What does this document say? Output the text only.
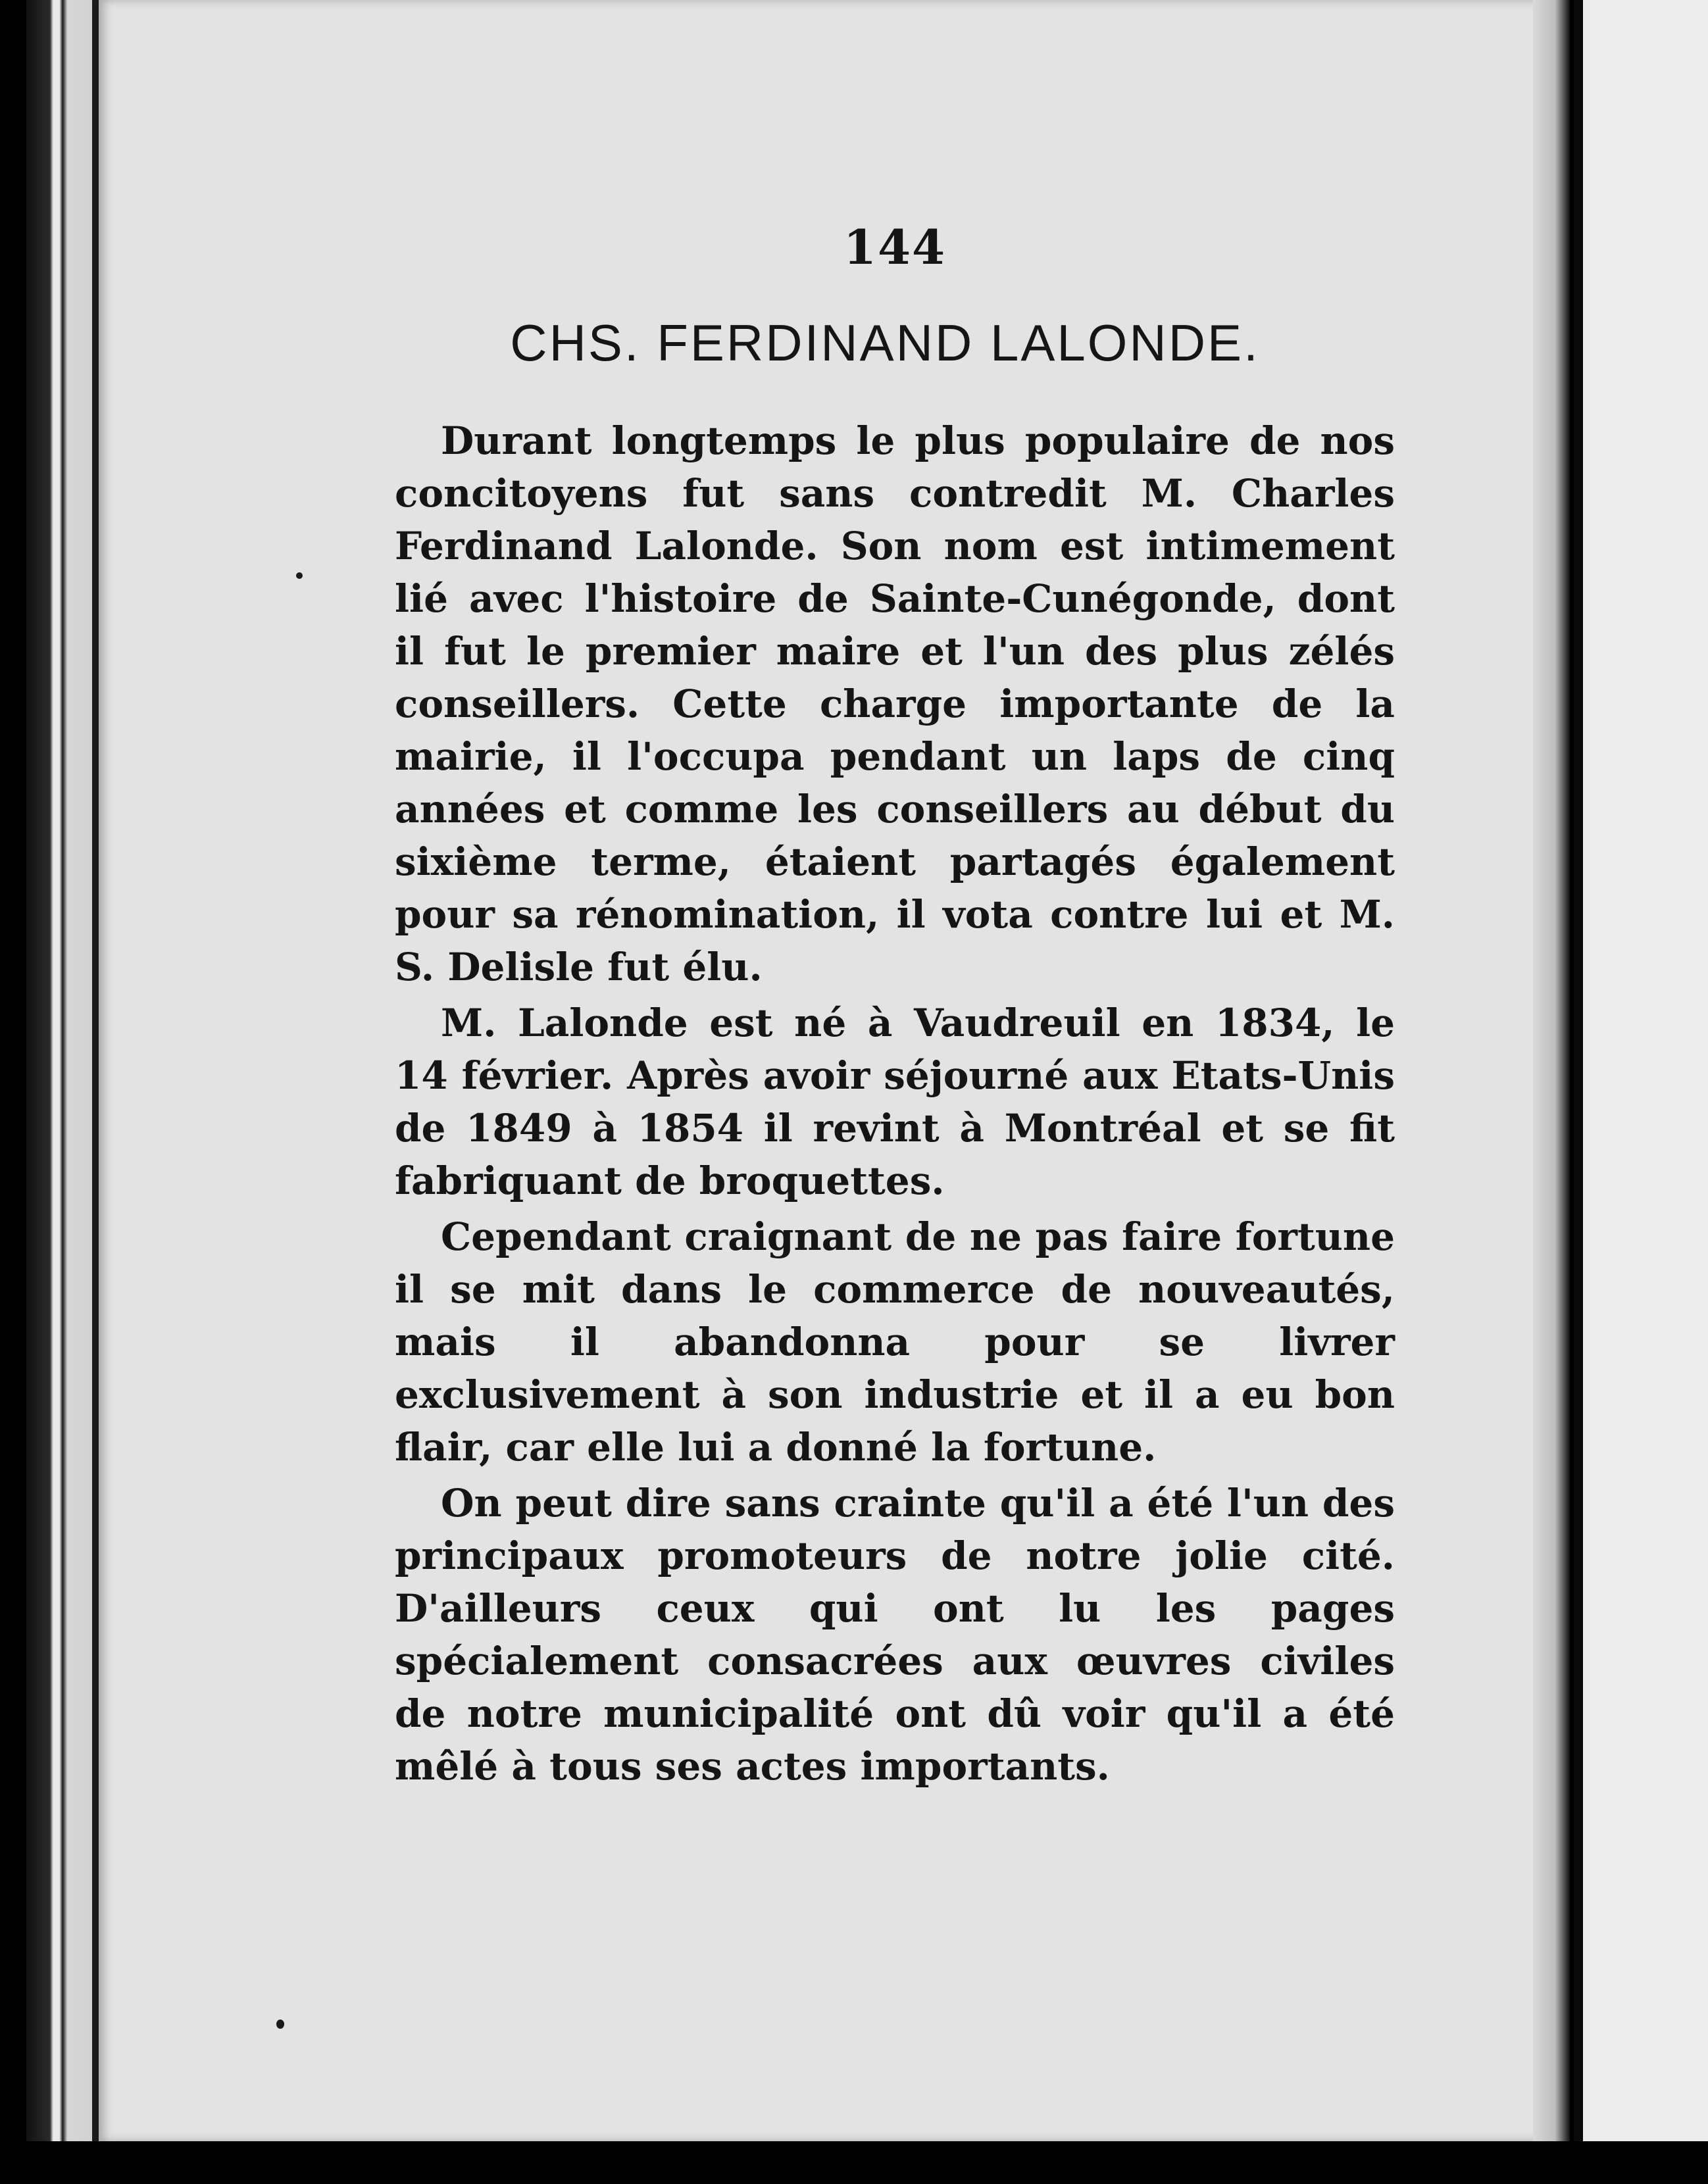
144
CHS. FERDINAND LALONDE.

Durant longtemps le plus populaire de nos concitoyens fut sans contredit M. Charles Ferdinand Lalonde. Son nom est intimement lié avec l'histoire de Sainte-Cunégonde, dont il fut le premier maire et l'un des plus zélés conseillers. Cette charge importante de la mairie, il l'occupa pendant un laps de cinq années et comme les conseillers au début du sixième terme, étaient partagés également pour sa rénomination, il vota contre lui et M. S. Delisle fut élu.

M. Lalonde est né à Vaudreuil en 1834, le 14 février. Après avoir séjourné aux Etats-Unis de 1849 à 1854 il revint à Montréal et se fit fabriquant de broquettes.

Cependant craignant de ne pas faire fortune il se mit dans le commerce de nouveautés, mais il abandonna pour se livrer exclusivement à son industrie et il a eu bon flair, car elle lui a donné la fortune.

On peut dire sans crainte qu'il a été l'un des principaux promoteurs de notre jolie cité. D'ailleurs ceux qui ont lu les pages spécialement consacrées aux œuvres civiles de notre municipalité ont dû voir qu'il a été mêlé à tous ses actes importants.
